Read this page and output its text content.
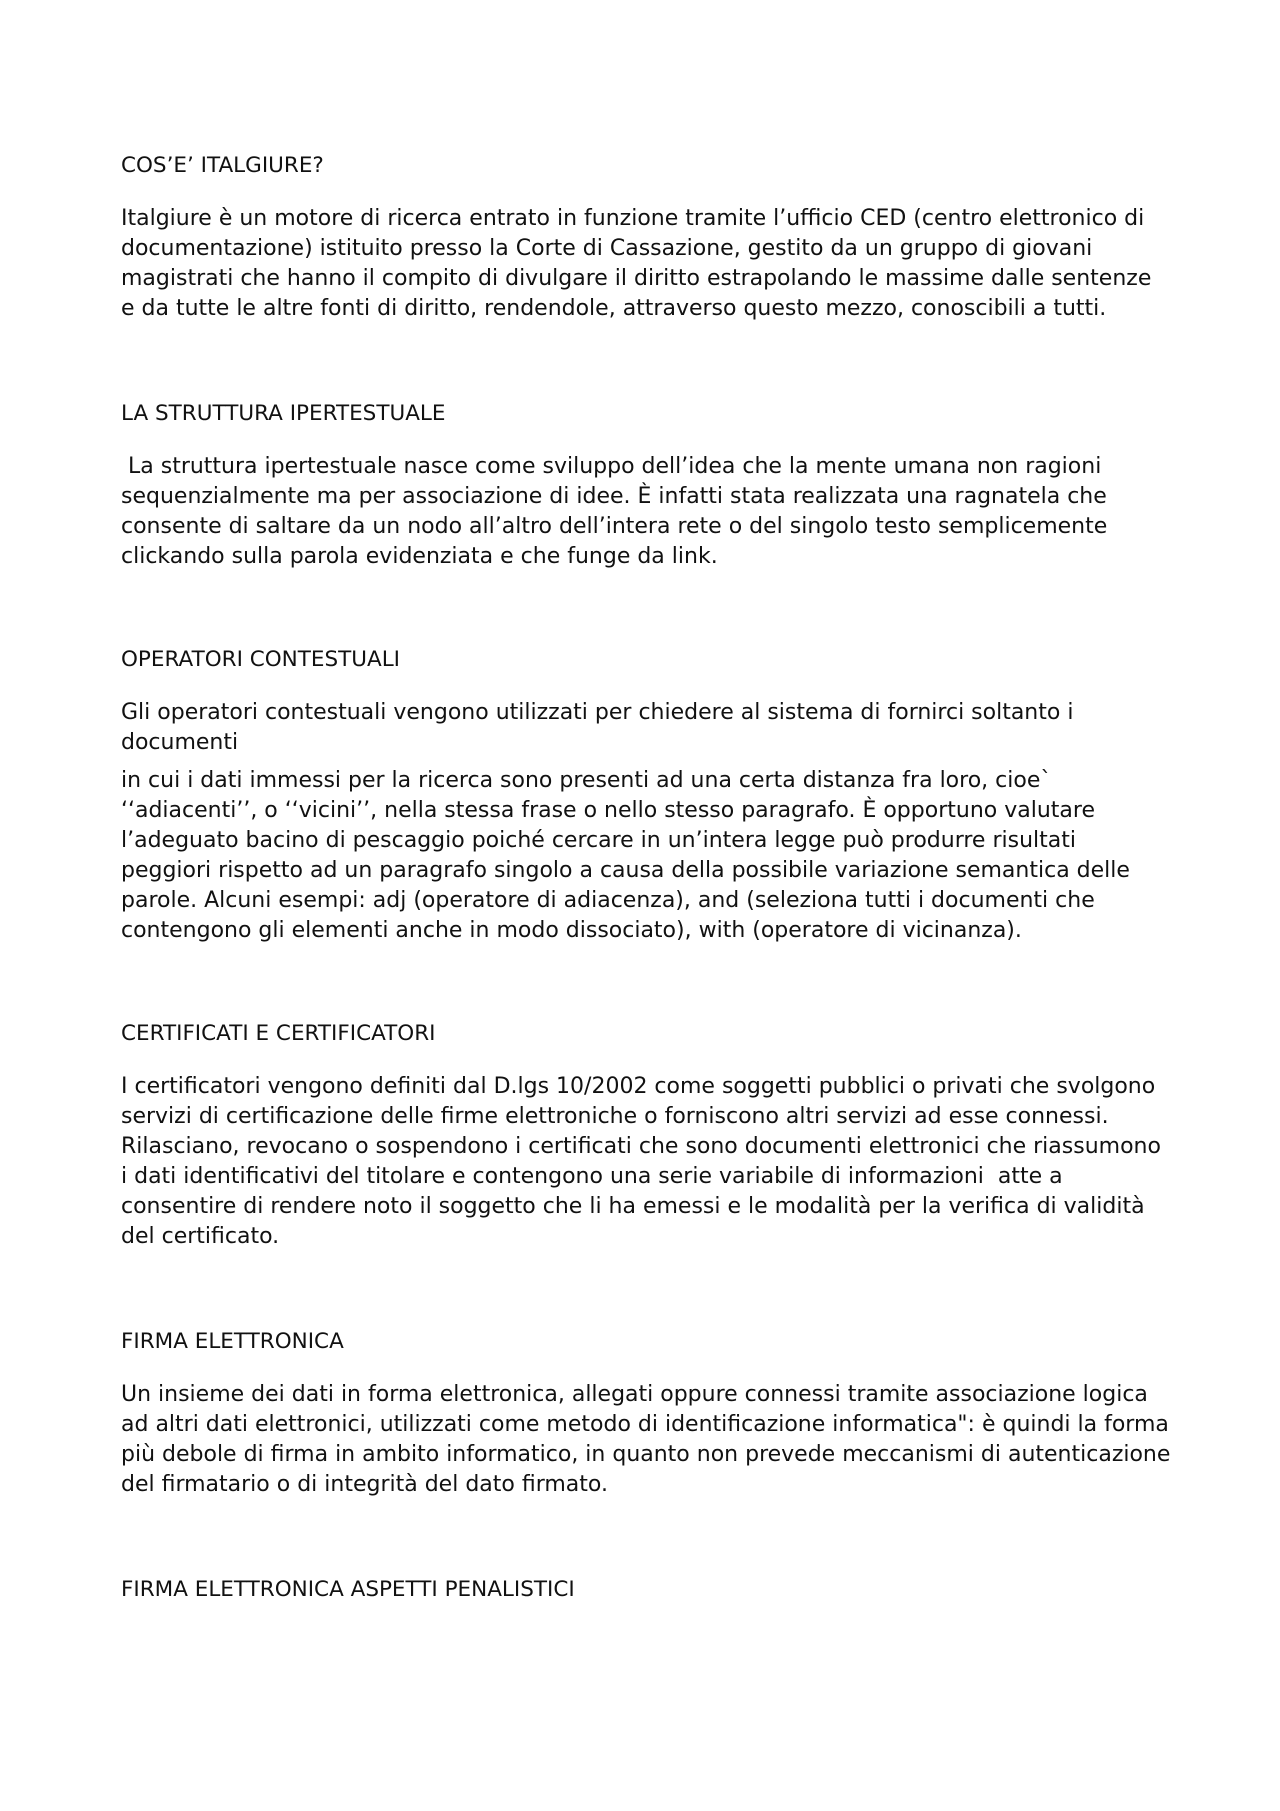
COS’E’ ITALGIURE?

Italgiure è un motore di ricerca entrato in funzione tramite l’ufficio CED (centro elettronico di documentazione) istituito presso la Corte di Cassazione, gestito da un gruppo di giovani magistrati che hanno il compito di divulgare il diritto estrapolando le massime dalle sentenze e da tutte le altre fonti di diritto, rendendole, attraverso questo mezzo, conoscibili a tutti.

LA STRUTTURA IPERTESTUALE

La struttura ipertestuale nasce come sviluppo dell’idea che la mente umana non ragioni sequenzialmente ma per associazione di idee. È infatti stata realizzata una ragnatela che consente di saltare da un nodo all’altro dell’intera rete o del singolo testo semplicemente clickando sulla parola evidenziata e che funge da link.

OPERATORI CONTESTUALI

Gli operatori contestuali vengono utilizzati per chiedere al sistema di fornirci soltanto i documenti

in cui i dati immessi per la ricerca sono presenti ad una certa distanza fra loro, cioe` ‘‘adiacenti’’, o ‘‘vicini’’, nella stessa frase o nello stesso paragrafo. È opportuno valutare l’adeguato bacino di pescaggio poiché cercare in un’intera legge può produrre risultati peggiori rispetto ad un paragrafo singolo a causa della possibile variazione semantica delle parole. Alcuni esempi: adj (operatore di adiacenza), and (seleziona tutti i documenti che contengono gli elementi anche in modo dissociato), with (operatore di vicinanza).

CERTIFICATI E CERTIFICATORI

I certificatori vengono definiti dal D.lgs 10/2002 come soggetti pubblici o privati che svolgono servizi di certificazione delle firme elettroniche o forniscono altri servizi ad esse connessi. Rilasciano, revocano o sospendono i certificati che sono documenti elettronici che riassumono i dati identificativi del titolare e contengono una serie variabile di informazioni  atte a consentire di rendere noto il soggetto che li ha emessi e le modalità per la verifica di validità del certificato.

FIRMA ELETTRONICA

Un insieme dei dati in forma elettronica, allegati oppure connessi tramite associazione logica ad altri dati elettronici, utilizzati come metodo di identificazione informatica": è quindi la forma più debole di firma in ambito informatico, in quanto non prevede meccanismi di autenticazione del firmatario o di integrità del dato firmato.

FIRMA ELETTRONICA ASPETTI PENALISTICI
